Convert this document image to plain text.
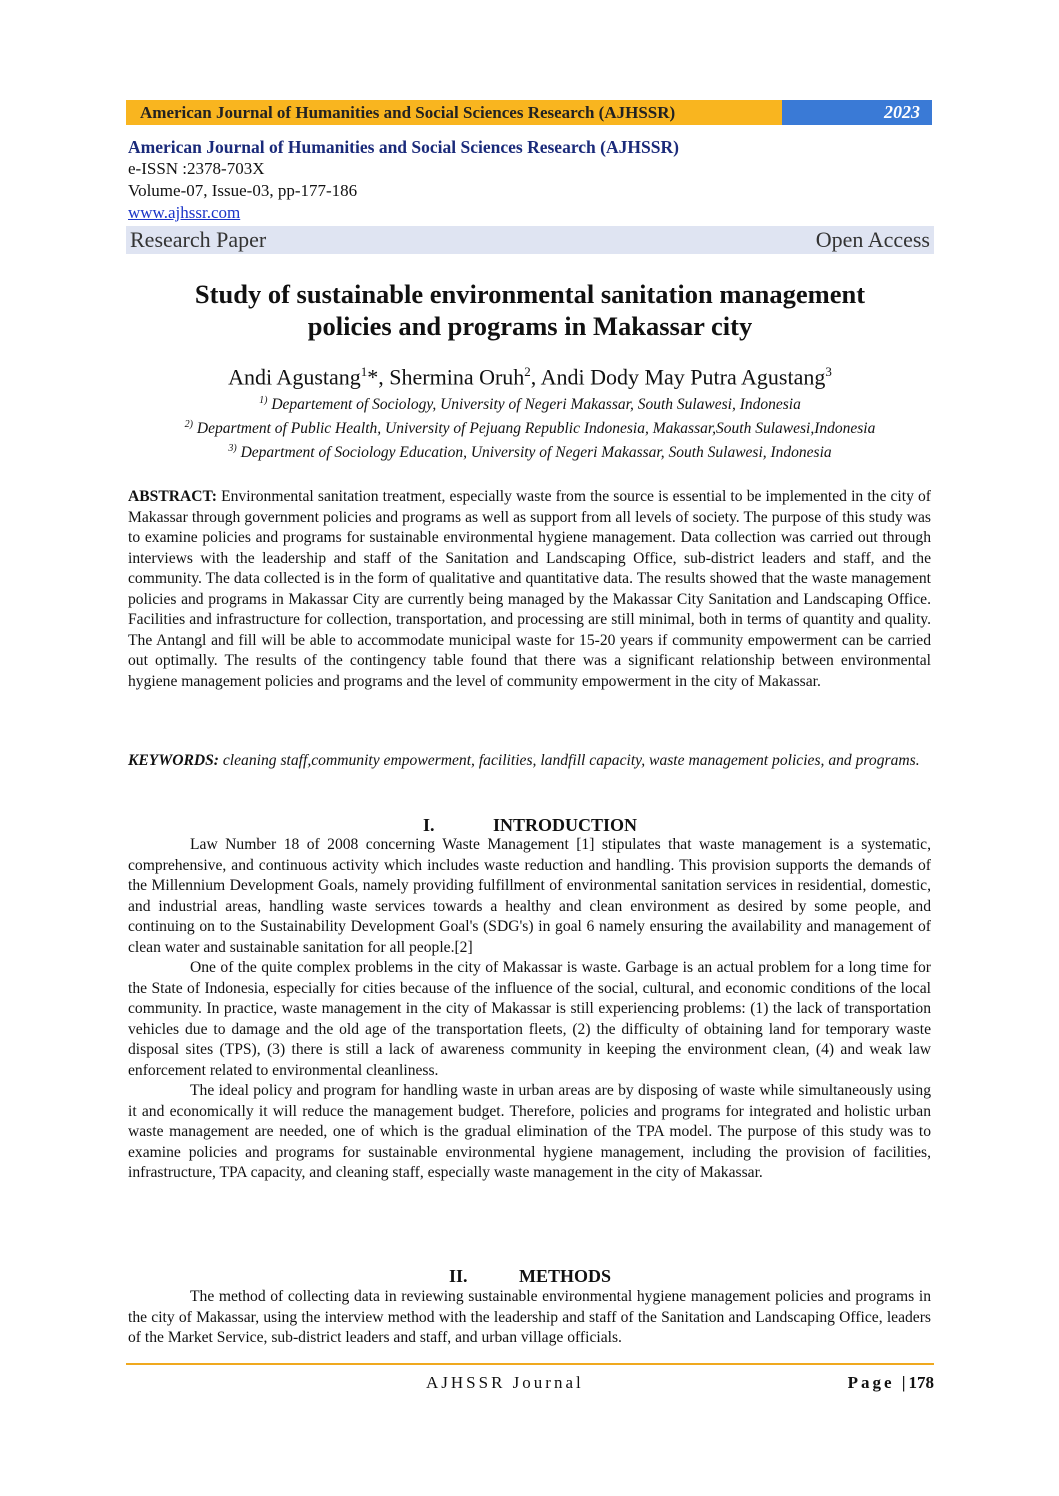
American Journal of Humanities and Social Sciences Research (AJHSSR)	2023
American Journal of Humanities and Social Sciences Research (AJHSSR)
e-ISSN :2378-703X
Volume-07, Issue-03, pp-177-186
www.ajhssr.com
Research Paper	Open Access
Study of sustainable environmental sanitation management
policies and programs in Makassar city
Andi Agustang$^1$*, Shermina Oruh$^2$, Andi Dody May Putra Agustang$^3$
$^{1)}$ Departement of Sociology, University of Negeri Makassar, South Sulawesi, Indonesia
$^{2)}$ Department of Public Health, University of Pejuang Republic Indonesia, Makassar,South Sulawesi,Indonesia
$^{3)}$ Department of Sociology Education, University of Negeri Makassar, South Sulawesi, Indonesia
ABSTRACT: Environmental sanitation treatment, especially waste from the source is essential to be implemented in the city of Makassar through government policies and programs as well as support from all levels of society. The purpose of this study was to examine policies and programs for sustainable environmental hygiene management. Data collection was carried out through interviews with the leadership and staff of the Sanitation and Landscaping Office, sub-district leaders and staff, and the community. The data collected is in the form of qualitative and quantitative data. The results showed that the waste management policies and programs in Makassar City are currently being managed by the Makassar City Sanitation and Landscaping Office. Facilities and infrastructure for collection, transportation, and processing are still minimal, both in terms of quantity and quality. The Antangl and fill will be able to accommodate municipal waste for 15-20 years if community empowerment can be carried out optimally. The results of the contingency table found that there was a significant relationship between environmental hygiene management policies and programs and the level of community empowerment in the city of Makassar.
KEYWORDS: cleaning staff,community empowerment, facilities, landfill capacity, waste management policies, and programs.
I.	INTRODUCTION
Law Number 18 of 2008 concerning Waste Management [1] stipulates that waste management is a systematic, comprehensive, and continuous activity which includes waste reduction and handling. This provision supports the demands of the Millennium Development Goals, namely providing fulfillment of environmental sanitation services in residential, domestic, and industrial areas, handling waste services towards a healthy and clean environment as desired by some people, and continuing on to the Sustainability Development Goal's (SDG's) in goal 6 namely ensuring the availability and management of clean water and sustainable sanitation for all people.[2]
One of the quite complex problems in the city of Makassar is waste. Garbage is an actual problem for a long time for the State of Indonesia, especially for cities because of the influence of the social, cultural, and economic conditions of the local community. In practice, waste management in the city of Makassar is still experiencing problems: (1) the lack of transportation vehicles due to damage and the old age of the transportation fleets, (2) the difficulty of obtaining land for temporary waste disposal sites (TPS), (3) there is still a lack of awareness community in keeping the environment clean, (4) and weak law enforcement related to environmental cleanliness.
The ideal policy and program for handling waste in urban areas are by disposing of waste while simultaneously using it and economically it will reduce the management budget. Therefore, policies and programs for integrated and holistic urban waste management are needed, one of which is the gradual elimination of the TPA model. The purpose of this study was to examine policies and programs for sustainable environmental hygiene management, including the provision of facilities, infrastructure, TPA capacity, and cleaning staff, especially waste management in the city of Makassar.
II.	METHODS
The method of collecting data in reviewing sustainable environmental hygiene management policies and programs in the city of Makassar, using the interview method with the leadership and staff of the Sanitation and Landscaping Office, leaders of the Market Service, sub-district leaders and staff, and urban village officials.
AJHSSR Journal	Page |178
